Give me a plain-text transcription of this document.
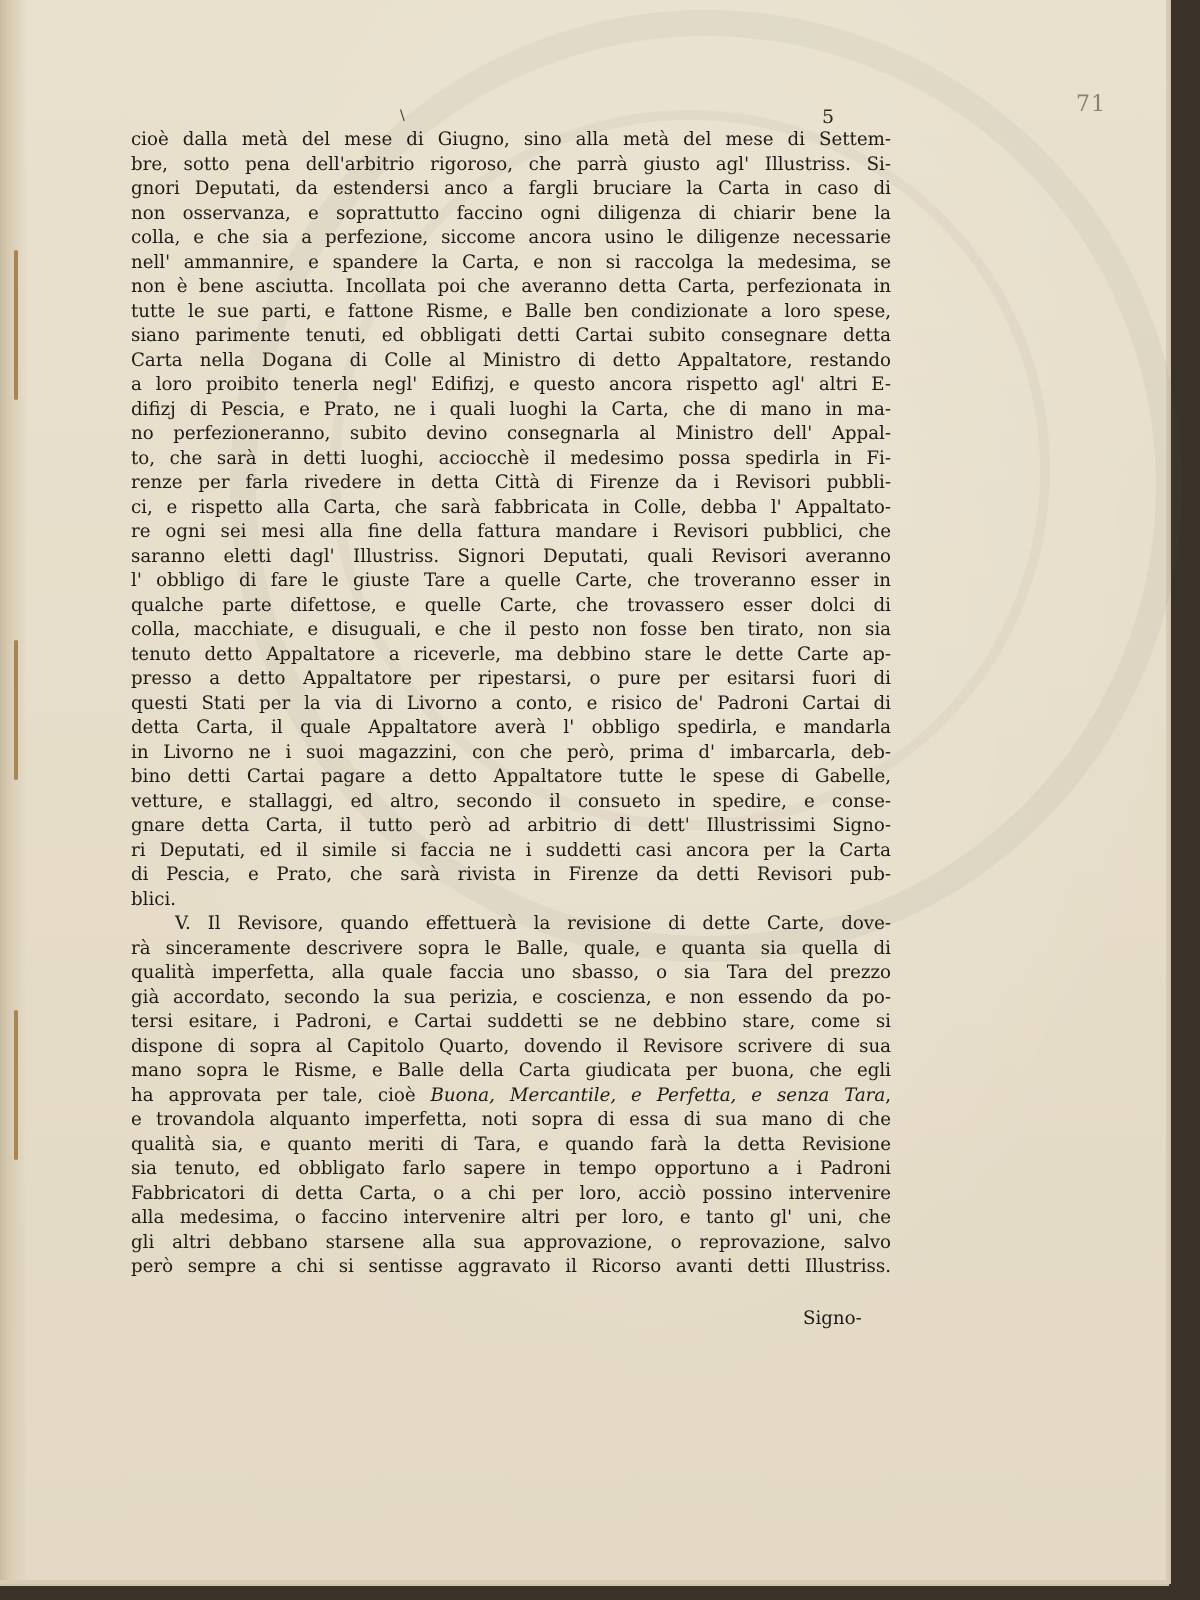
\	5	71
cioè dalla metà del mese di Giugno, sino alla metà del mese di Settem-
bre, sotto pena dell'arbitrio rigoroso, che parrà giusto agl' Illustriss. Si-
gnori Deputati, da estendersi anco a fargli bruciare la Carta in caso di
non osservanza, e soprattutto faccino ogni diligenza di chiarir bene la
colla, e che sia a perfezione, siccome ancora usino le diligenze necessarie
nell' ammannire, e spandere la Carta, e non si raccolga la medesima, se
non è bene asciutta. Incollata poi che averanno detta Carta, perfezionata in
tutte le sue parti, e fattone Risme, e Balle ben condizionate a loro spese,
siano parimente tenuti, ed obbligati detti Cartai subito consegnare detta
Carta nella Dogana di Colle al Ministro di detto Appaltatore, restando
a loro proibito tenerla negl' Edifizj, e questo ancora rispetto agl' altri E-
difizj di Pescia, e Prato, ne i quali luoghi la Carta, che di mano in ma-
no perfezioneranno, subito devino consegnarla al Ministro dell' Appal-
to, che sarà in detti luoghi, acciocchè il medesimo possa spedirla in Fi-
renze per farla rivedere in detta Città di Firenze da i Revisori pubbli-
ci, e rispetto alla Carta, che sarà fabbricata in Colle, debba l' Appaltato-
re ogni sei mesi alla fine della fattura mandare i Revisori pubblici, che
saranno eletti dagl' Illustriss. Signori Deputati, quali Revisori averanno
l' obbligo di fare le giuste Tare a quelle Carte, che troveranno esser in
qualche parte difettose, e quelle Carte, che trovassero esser dolci di
colla, macchiate, e disuguali, e che il pesto non fosse ben tirato, non sia
tenuto detto Appaltatore a riceverle, ma debbino stare le dette Carte ap-
presso a detto Appaltatore per ripestarsi, o pure per esitarsi fuori di
questi Stati per la via di Livorno a conto, e risico de' Padroni Cartai di
detta Carta, il quale Appaltatore averà l' obbligo spedirla, e mandarla
in Livorno ne i suoi magazzini, con che però, prima d' imbarcarla, deb-
bino detti Cartai pagare a detto Appaltatore tutte le spese di Gabelle,
vetture, e stallaggi, ed altro, secondo il consueto in spedire, e conse-
gnare detta Carta, il tutto però ad arbitrio di dett' Illustrissimi Signo-
ri Deputati, ed il simile si faccia ne i suddetti casi ancora per la Carta
di Pescia, e Prato, che sarà rivista in Firenze da detti Revisori pub-
blici.
V. Il Revisore, quando effettuerà la revisione di dette Carte, dove-
rà sinceramente descrivere sopra le Balle, quale, e quanta sia quella di
qualità imperfetta, alla quale faccia uno sbasso, o sia Tara del prezzo
già accordato, secondo la sua perizia, e coscienza, e non essendo da po-
tersi esitare, i Padroni, e Cartai suddetti se ne debbino stare, come si
dispone di sopra al Capitolo Quarto, dovendo il Revisore scrivere di sua
mano sopra le Risme, e Balle della Carta giudicata per buona, che egli
ha approvata per tale, cioè Buona, Mercantile, e Perfetta, e senza Tara,
e trovandola alquanto imperfetta, noti sopra di essa di sua mano di che
qualità sia, e quanto meriti di Tara, e quando farà la detta Revisione
sia tenuto, ed obbligato farlo sapere in tempo opportuno a i Padroni
Fabbricatori di detta Carta, o a chi per loro, acciò possino intervenire
alla medesima, o faccino intervenire altri per loro, e tanto gl' uni, che
gli altri debbano starsene alla sua approvazione, o reprovazione, salvo
però sempre a chi si sentisse aggravato il Ricorso avanti detti Illustriss.
Signo-
